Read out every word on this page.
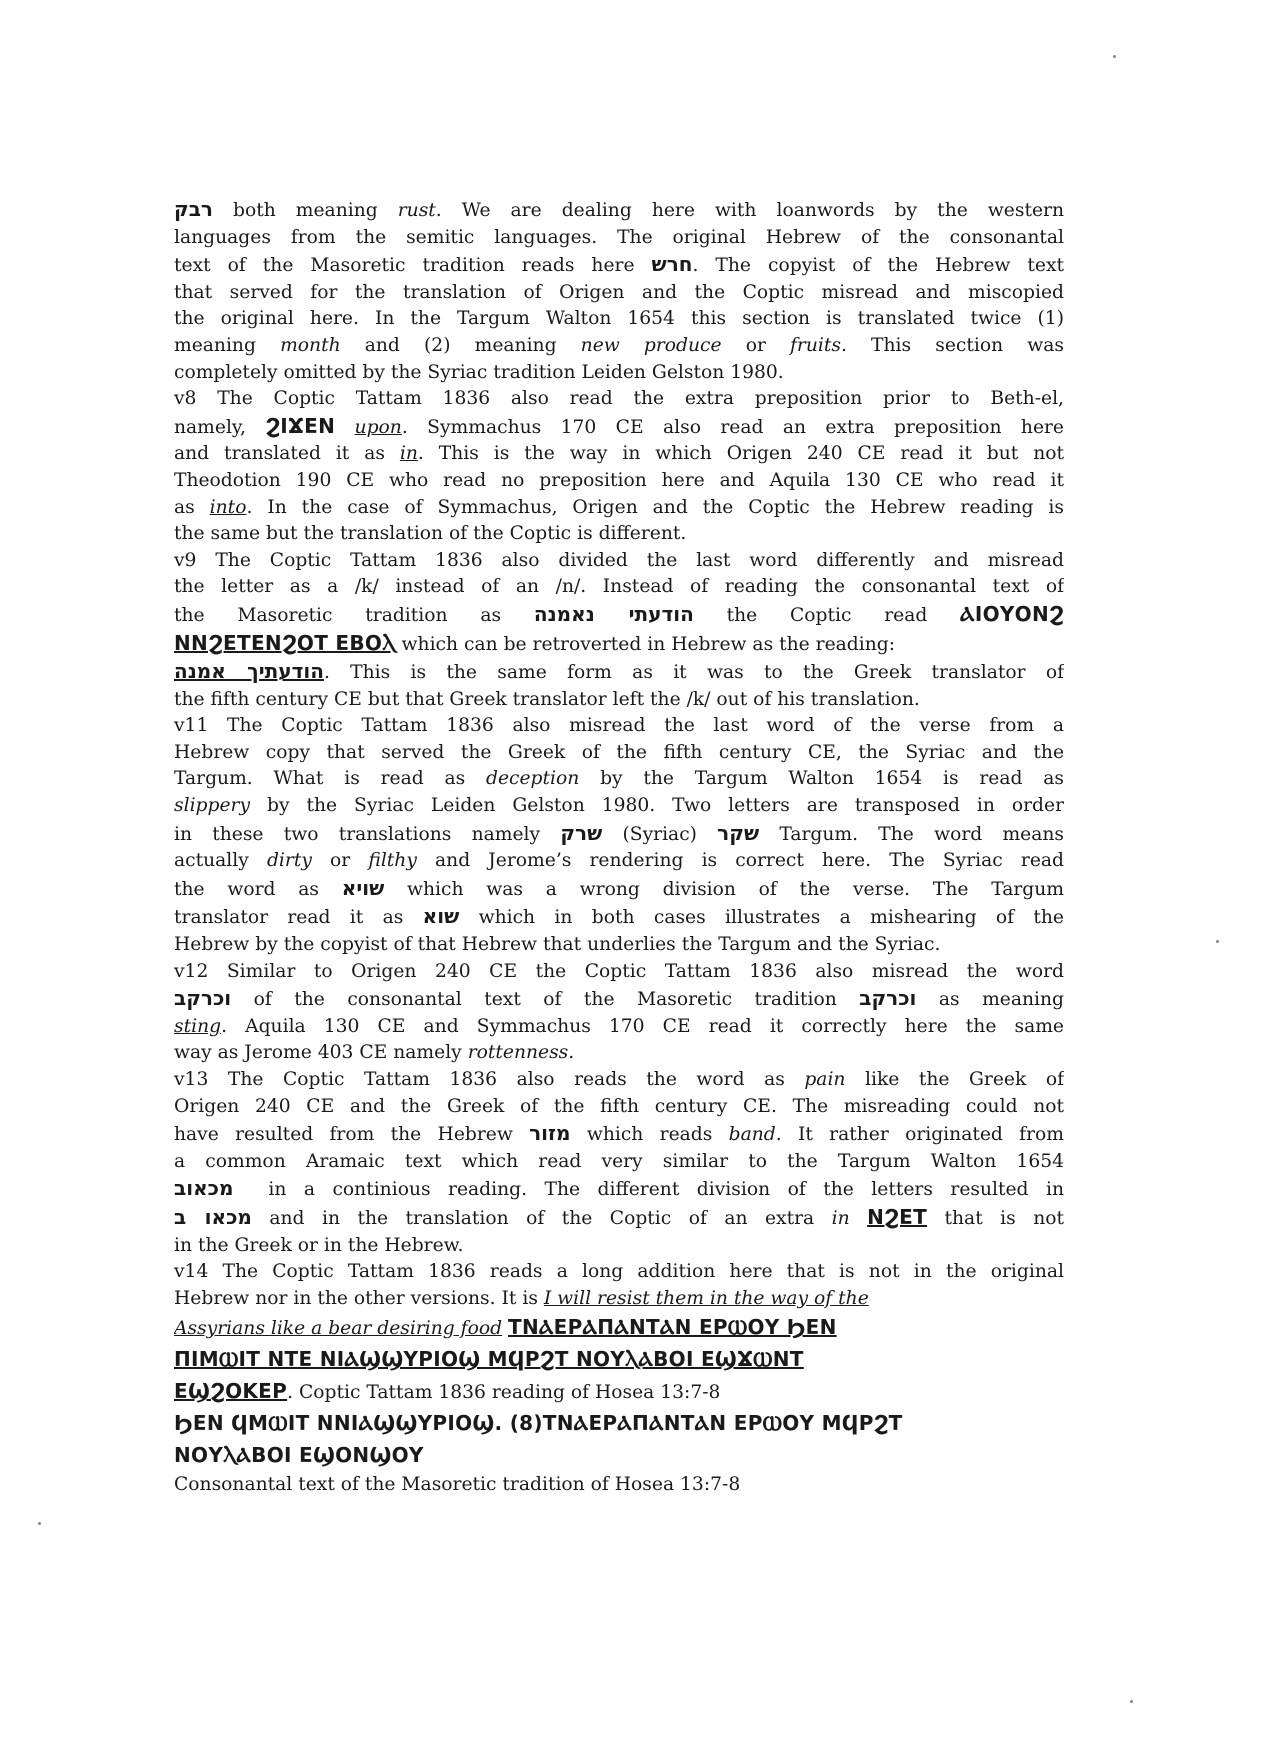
רבק both meaning rust. We are dealing here with loanwords by the western
languages from the semitic languages. The original Hebrew of the consonantal
text of the Masoretic tradition reads here חרש. The copyist of the Hebrew text
that served for the translation of Origen and the Coptic misread and miscopied
the original here. In the Targum Walton 1654 this section is translated twice (1)
meaning month and (2) meaning new produce or fruits. This section was
completely omitted by the Syriac tradition Leiden Gelston 1980.
v8 The Coptic Tattam 1836 also read the extra preposition prior to Beth-el,
namely, ϨΙϪΕΝ upon. Symmachus 170 CE also read an extra preposition here
and translated it as in. This is the way in which Origen 240 CE read it but not
Theodotion 190 CE who read no preposition here and Aquila 130 CE who read it
as into. In the case of Symmachus, Origen and the Coptic the Hebrew reading is
the same but the translation of the Coptic is different.
v9 The Coptic Tattam 1836 also divided the last word differently and misread
the letter as a /k/ instead of an /n/. Instead of reading the consonantal text of
the Masoretic tradition as הודעתי נאמנה the Coptic read ⲀΙΟΥΟΝϨ
ΝΝϨΕΤΕΝϨΟΤ ΕΒΟⲖ which can be retroverted in Hebrew as the reading:
הודעתיך אמנה. This is the same form as it was to the Greek translator of
the fifth century CE but that Greek translator left the /k/ out of his translation.
v11 The Coptic Tattam 1836 also misread the last word of the verse from a
Hebrew copy that served the Greek of the fifth century CE, the Syriac and the
Targum. What is read as deception by the Targum Walton 1654 is read as
slippery by the Syriac Leiden Gelston 1980. Two letters are transposed in order
in these two translations namely שרק (Syriac) שקר Targum. The word means
actually dirty or filthy and Jerome’s rendering is correct here. The Syriac read
the word as שויא which was a wrong division of the verse. The Targum
translator read it as שוא which in both cases illustrates a mishearing of the
Hebrew by the copyist of that Hebrew that underlies the Targum and the Syriac.
v12 Similar to Origen 240 CE the Coptic Tattam 1836 also misread the word
וכרקב of the consonantal text of the Masoretic tradition וכרקב as meaning
sting. Aquila 130 CE and Symmachus 170 CE read it correctly here the same
way as Jerome 403 CE namely rottenness.
v13 The Coptic Tattam 1836 also reads the word as pain like the Greek of
Origen 240 CE and the Greek of the fifth century CE. The misreading could not
have resulted from the Hebrew מזור which reads band. It rather originated from
a common Aramaic text which read very similar to the Targum Walton 1654
מכאוב  in a continious reading. The different division of the letters resulted in
מכאו ב and in the translation of the Coptic of an extra in ΝϨΕΤ that is not
in the Greek or in the Hebrew.
v14 The Coptic Tattam 1836 reads a long addition here that is not in the original
Hebrew nor in the other versions. It is I will resist them in the way of the
Assyrians like a bear desiring food ΤΝⲀΕΡⲀΠⲀΝΤⲀΝ ΕΡⲰΟΥ ϦΕΝ
ΠΙΜⲰΙΤ ΝΤΕ ΝΙⲀϢϢΥΡΙΟϢ ΜϤΡϨΤ ΝΟΥⲖⲀΒΟΙ ΕϢϪⲰΝΤ
ΕϢϨΟΚΕΡ. Coptic Tattam 1836 reading of Hosea 13:7-8
ϦΕΝ ϤΜⲰΙΤ ΝΝΙⲀϢϢΥΡΙΟϢ. (8)ΤΝⲀΕΡⲀΠⲀΝΤⲀΝ ΕΡⲰΟΥ ΜϤΡϨΤ
ΝΟΥⲖⲀΒΟΙ ΕϢΟΝϢΟΥ
Consonantal text of the Masoretic tradition of Hosea 13:7-8
